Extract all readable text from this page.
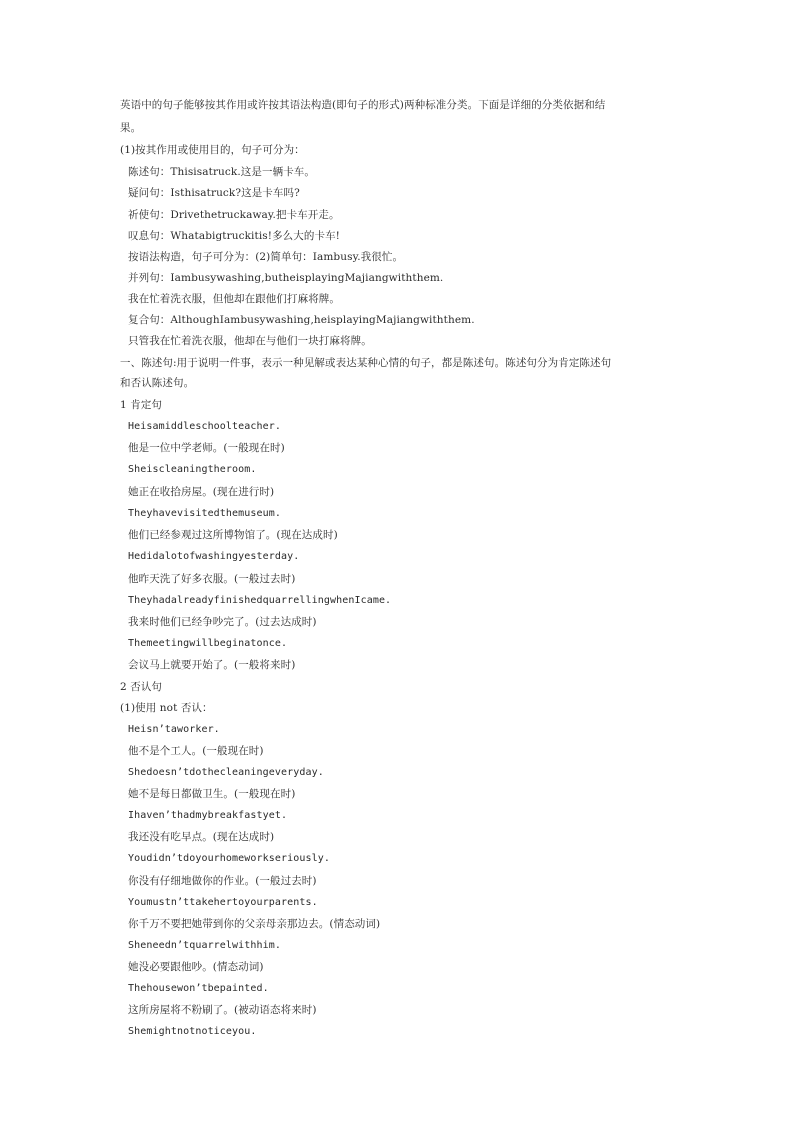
英语中的句子能够按其作用或许按其语法构造(即句子的形式)两种标准分类。下面是详细的分类依据和结
果。
(1)按其作用或使用目的，句子可分为：
陈述句：Thisisatruck.这是一辆卡车。
疑问句：Isthisatruck?这是卡车吗?
祈使句：Drivethetruckaway.把卡车开走。
叹息句：Whatabigtruckitis!多么大的卡车!
按语法构造，句子可分为：(2)简单句：Iambusy.我很忙。
并列句：Iambusywashing,butheisplayingMajiangwiththem.
我在忙着洗衣服，但他却在跟他们打麻将牌。
复合句：AlthoughIambusywashing,heisplayingMajiangwiththem.
只管我在忙着洗衣服，他却在与他们一块打麻将牌。
一、陈述句:用于说明一件事，表示一种见解或表达某种心情的句子，都是陈述句。陈述句分为肯定陈述句
和否认陈述句。
1 肯定句
Heisamiddleschoolteacher.
他是一位中学老师。(一般现在时)
Sheiscleaningtheroom.
她正在收拾房屋。(现在进行时)
Theyhavevisitedthemuseum.
他们已经参观过这所博物馆了。(现在达成时)
Hedidalotofwashingyesterday.
他昨天洗了好多衣服。(一般过去时)
TheyhadalreadyfinishedquarrellingwhenIcame.
我来时他们已经争吵完了。(过去达成时)
Themeetingwillbeginatonce.
会议马上就要开始了。(一般将来时)
2 否认句
(1)使用 not 否认：
Heisn’taworker.
他不是个工人。(一般现在时)
Shedoesn’tdothecleaningeveryday.
她不是每日都做卫生。(一般现在时)
Ihaven’thadmybreakfastyet.
我还没有吃早点。(现在达成时)
Youdidn’tdoyourhomeworkseriously.
你没有仔细地做你的作业。(一般过去时)
Youmustn’ttakehertoyourparents.
你千万不要把她带到你的父亲母亲那边去。(情态动词)
Sheneedn’tquarrelwithhim.
她没必要跟他吵。(情态动词)
Thehousewon’tbepainted.
这所房屋将不粉刷了。(被动语态将来时)
Shemightnotnoticeyou.
